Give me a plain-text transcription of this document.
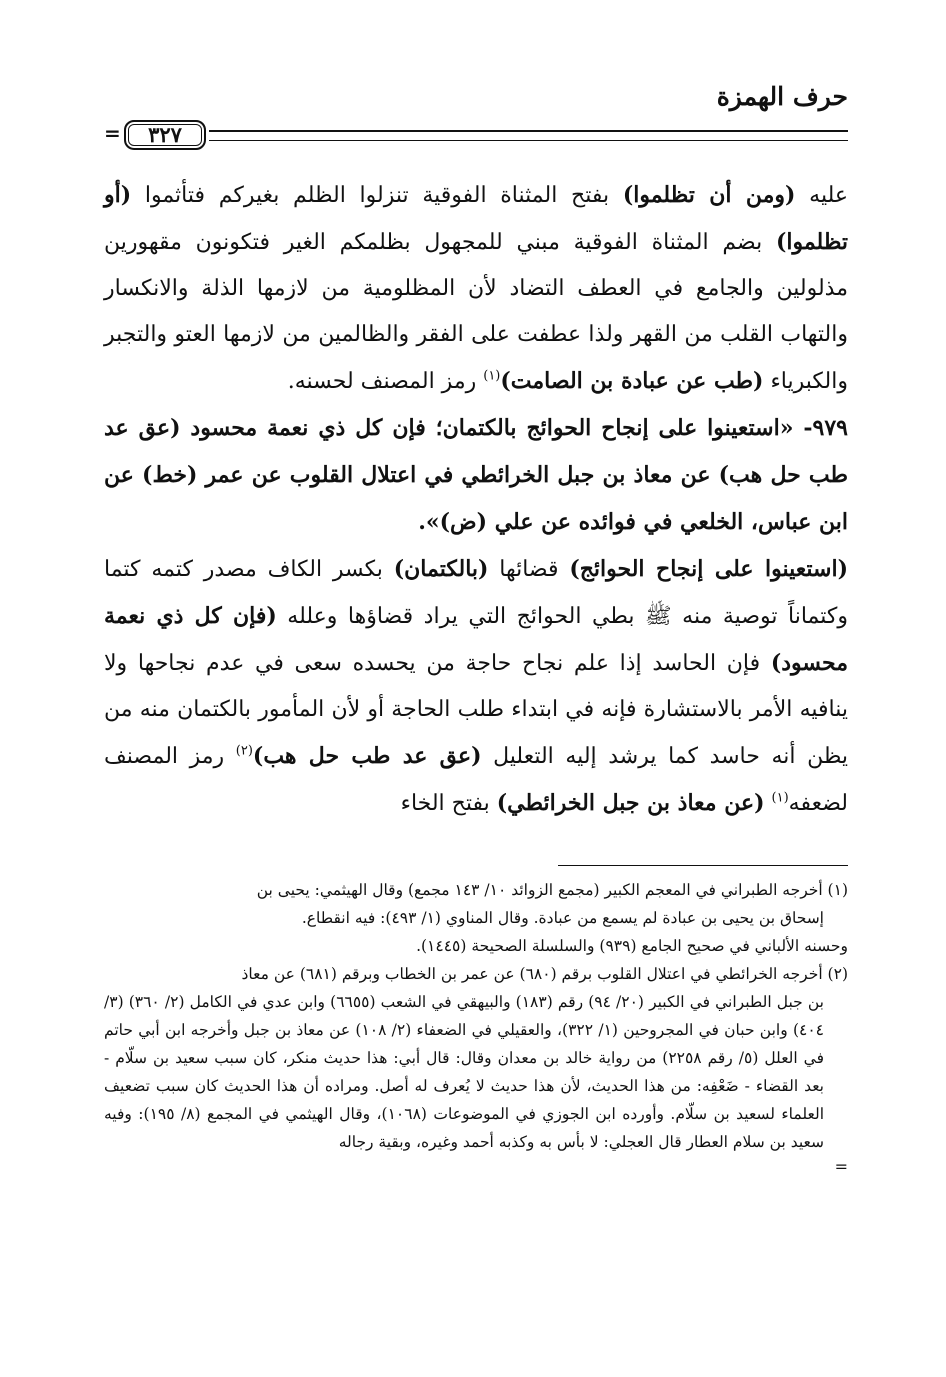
حرف الهمزة
٣٢٧
=

عليه (ومن أن تظلموا) بفتح المثناة الفوقية تنزلوا الظلم بغيركم فتأثموا (أو تظلموا) بضم المثناة الفوقية مبني للمجهول بظلمكم الغير فتكونون مقهورين مذلولين والجامع في العطف التضاد لأن المظلومية من لازمها الذلة والانكسار والتهاب القلب من القهر ولذا عطفت على الفقر والظالمين من لازمها العتو والتجبر والكبرياء (طب عن عبادة بن الصامت)$^{(١)}$ رمز المصنف لحسنه.

٩٧٩- «استعينوا على إنجاح الحوائج بالكتمان؛ فإن كل ذي نعمة محسود (عق عد طب حل هب) عن معاذ بن جبل الخرائطي في اعتلال القلوب عن عمر (خط) عن ابن عباس، الخلعي في فوائده عن علي (ض)».

(استعينوا على إنجاح الحوائج) قضائها (بالكتمان) بكسر الكاف مصدر كتمه كتما وكتماناً توصية منه ﷺ بطي الحوائج التي يراد قضاؤها وعلله (فإن كل ذي نعمة محسود) فإن الحاسد إذا علم نجاح حاجة من يحسده سعى في عدم نجاحها ولا ينافيه الأمر بالاستشارة فإنه في ابتداء طلب الحاجة أو لأن المأمور بالكتمان منه من يظن أنه حاسد كما يرشد إليه التعليل (عق عد طب حل هب)$^{(٢)}$ رمز المصنف لضعفه$^{(١)}$ (عن معاذ بن جبل الخرائطي) بفتح الخاء

(١) أخرجه الطبراني في المعجم الكبير (مجمع الزوائد ١٠/ ١٤٣ مجمع) وقال الهيثمي: يحيى بن

إسحاق بن يحيى بن عبادة لم يسمع من عبادة. وقال المناوي (١/ ٤٩٣): فيه انقطاع.

وحسنه الألباني في صحيح الجامع (٩٣٩) والسلسلة الصحيحة (١٤٤٥).

(٢) أخرجه الخرائطي في اعتلال القلوب برقم (٦٨٠) عن عمر بن الخطاب وبرقم (٦٨١) عن معاذ

بن جبل الطبراني في الكبير (٢٠/ ٩٤) رقم (١٨٣) والبيهقي في الشعب (٦٦٥٥) وابن عدي في الكامل (٢/ ٣٦٠) (٣/ ٤٠٤) وابن حبان في المجروحين (١/ ٣٢٢)، والعقيلي في الضعفاء (٢/ ١٠٨) عن معاذ بن جبل وأخرجه ابن أبي حاتم في العلل (٥/ رقم ٢٢٥٨) من رواية خالد بن معدان وقال: قال أبي: هذا حديث منكر، كان سبب سعيد بن سلّام - بعد القضاء - ضَعْفِه: من هذا الحديث، لأن هذا حديث لا يُعرف له أصل. ومراده أن هذا الحديث كان سبب تضعيف العلماء لسعيد بن سلّام. وأورده ابن الجوزي في الموضوعات (١٠٦٨)، وقال الهيثمي في المجمع (٨/ ١٩٥): وفيه سعيد بن سلام العطار قال العجلي: لا بأس به وكذبه أحمد وغيره، وبقية رجاله

=
